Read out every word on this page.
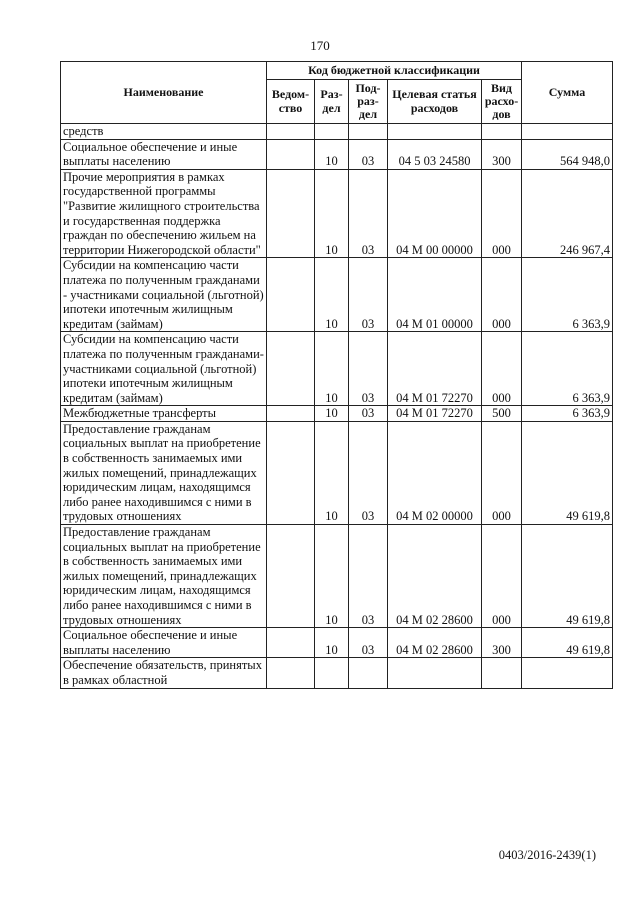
170
Наименование	Код бюджетной классификации					Сумма
	Ведом-ство	Раз-дел	Под-раз-дел	Целевая статья расходов	Вид расхо-дов	
средств						
Социальное обеспечение и иные выплаты населению		10	03	04 5 03 24580	300	564 948,0
Прочие мероприятия в рамках государственной программы "Развитие жилищного строительства и государственная поддержка граждан по обеспечению жильем на территории Нижегородской области"		10	03	04 М 00 00000	000	246 967,4
Субсидии на компенсацию части платежа по полученным гражданами - участниками социальной (льготной) ипотеки ипотечным жилищным кредитам (займам)		10	03	04 М 01 00000	000	6 363,9
Субсидии на компенсацию части платежа по полученным гражданами-участниками социальной (льготной) ипотеки ипотечным жилищным кредитам (займам)		10	03	04 М 01 72270	000	6 363,9
Межбюджетные трансферты		10	03	04 М 01 72270	500	6 363,9
Предоставление гражданам социальных выплат на приобретение в собственность занимаемых ими жилых помещений, принадлежащих юридическим лицам, находящимся либо ранее находившимся с ними в трудовых отношениях		10	03	04 М 02 00000	000	49 619,8
Предоставление гражданам социальных выплат на приобретение в собственность занимаемых ими жилых помещений, принадлежащих юридическим лицам, находящимся либо ранее находившимся с ними в трудовых отношениях		10	03	04 М 02 28600	000	49 619,8
Социальное обеспечение и иные выплаты населению		10	03	04 М 02 28600	300	49 619,8
Обеспечение обязательств, принятых в рамках областной						
0403/2016-2439(1)
